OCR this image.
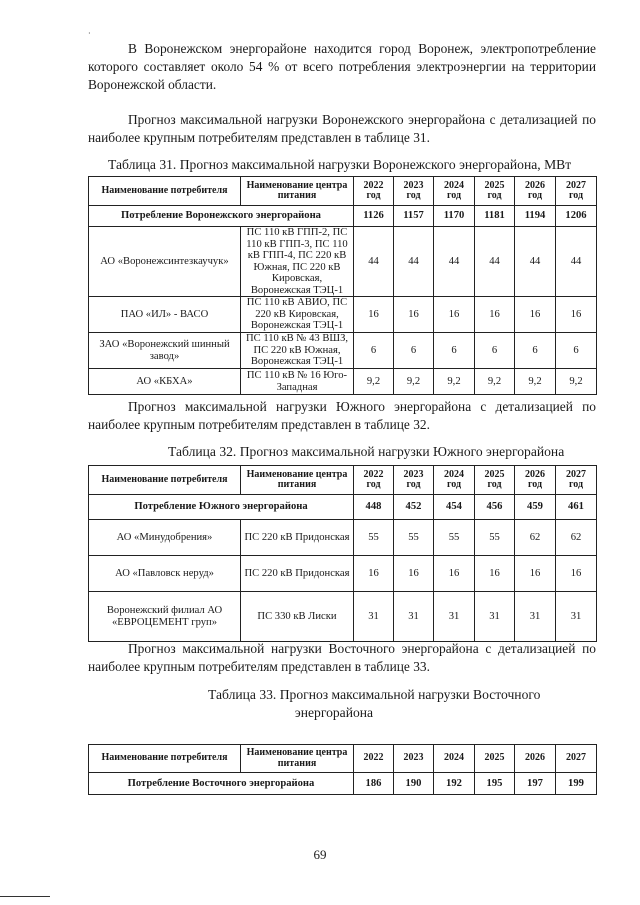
·

В Воронежском энергорайоне находится город Воронеж, электропотребление которого составляет около 54 % от всего потребления электроэнергии на территории Воронежской области.

Прогноз максимальной нагрузки Воронежского энергорайона с детализацией по наиболее крупным потребителям представлен в таблице 31.

Таблица 31. Прогноз максимальной нагрузки Воронежского энергорайона, МВт

Наименование потребителя	Наименование центра питания	2022 год	2023 год	2024 год	2025 год	2026 год	2027 год
Потребление Воронежского энергорайона		1126	1157	1170	1181	1194	1206
АО «Воронежсинтезкаучук»	ПС 110 кВ ГПП-2, ПС 110 кВ ГПП-3, ПС 110 кВ ГПП-4, ПС 220 кВ Южная, ПС 220 кВ Кировская, Воронежская ТЭЦ-1	44	44	44	44	44	44
ПАО «ИЛ» - ВАСО	ПС 110 кВ АВИО, ПС 220 кВ Кировская, Воронежская ТЭЦ-1	16	16	16	16	16	16
ЗАО «Воронежский шинный завод»	ПС 110 кВ № 43 ВШЗ, ПС 220 кВ Южная, Воронежская ТЭЦ-1	6	6	6	6	6	6
АО «КБХА»	ПС 110 кВ № 16 Юго-Западная	9,2	9,2	9,2	9,2	9,2	9,2

Прогноз максимальной нагрузки Южного энергорайона с детализацией по наиболее крупным потребителям представлен в таблице 32.

Таблица 32. Прогноз максимальной нагрузки Южного энергорайона

Наименование потребителя	Наименование центра питания	2022 год	2023 год	2024 год	2025 год	2026 год	2027 год
Потребление Южного энергорайона		448	452	454	456	459	461
АО «Минудобрения»	ПС 220 кВ Придонская	55	55	55	55	62	62
АО «Павловск неруд»	ПС 220 кВ Придонская	16	16	16	16	16	16
Воронежский филиал АО «ЕВРОЦЕМЕНТ груп»	ПС 330 кВ Лиски	31	31	31	31	31	31

Прогноз максимальной нагрузки Восточного энергорайона с детализацией по наиболее крупным потребителям представлен в таблице 33.

Таблица 33. Прогноз максимальной нагрузки Восточного

энергорайона

Наименование потребителя	Наименование центра питания	2022	2023	2024	2025	2026	2027
Потребление Восточного энергорайона		186	190	192	195	197	199
69
